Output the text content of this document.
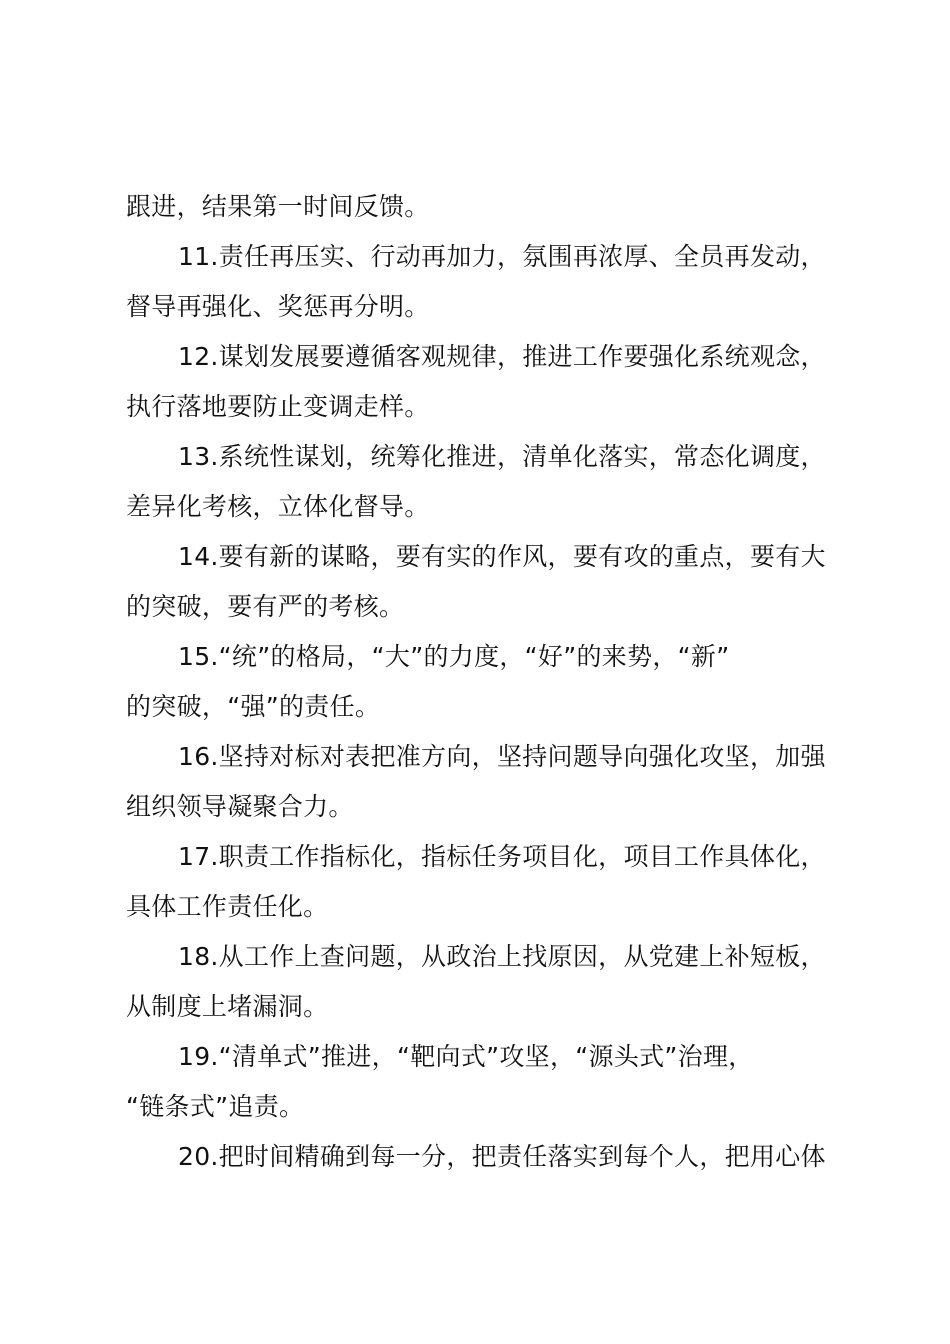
跟进，结果第一时间反馈。
11.责任再压实、行动再加力，氛围再浓厚、全员再发动，
督导再强化、奖惩再分明。
12.谋划发展要遵循客观规律，推进工作要强化系统观念，
执行落地要防止变调走样。
13.系统性谋划，统筹化推进，清单化落实，常态化调度，
差异化考核，立体化督导。
14.要有新的谋略，要有实的作风，要有攻的重点，要有大
的突破，要有严的考核。
15.“统”的格局，“大”的力度，“好”的来势，“新”
的突破，“强”的责任。
16.坚持对标对表把准方向，坚持问题导向强化攻坚，加强
组织领导凝聚合力。
17.职责工作指标化，指标任务项目化，项目工作具体化，
具体工作责任化。
18.从工作上查问题，从政治上找原因，从党建上补短板，
从制度上堵漏洞。
19.“清单式”推进，“靶向式”攻坚，“源头式”治理，
“链条式”追责。
20.把时间精确到每一分，把责任落实到每个人，把用心体
